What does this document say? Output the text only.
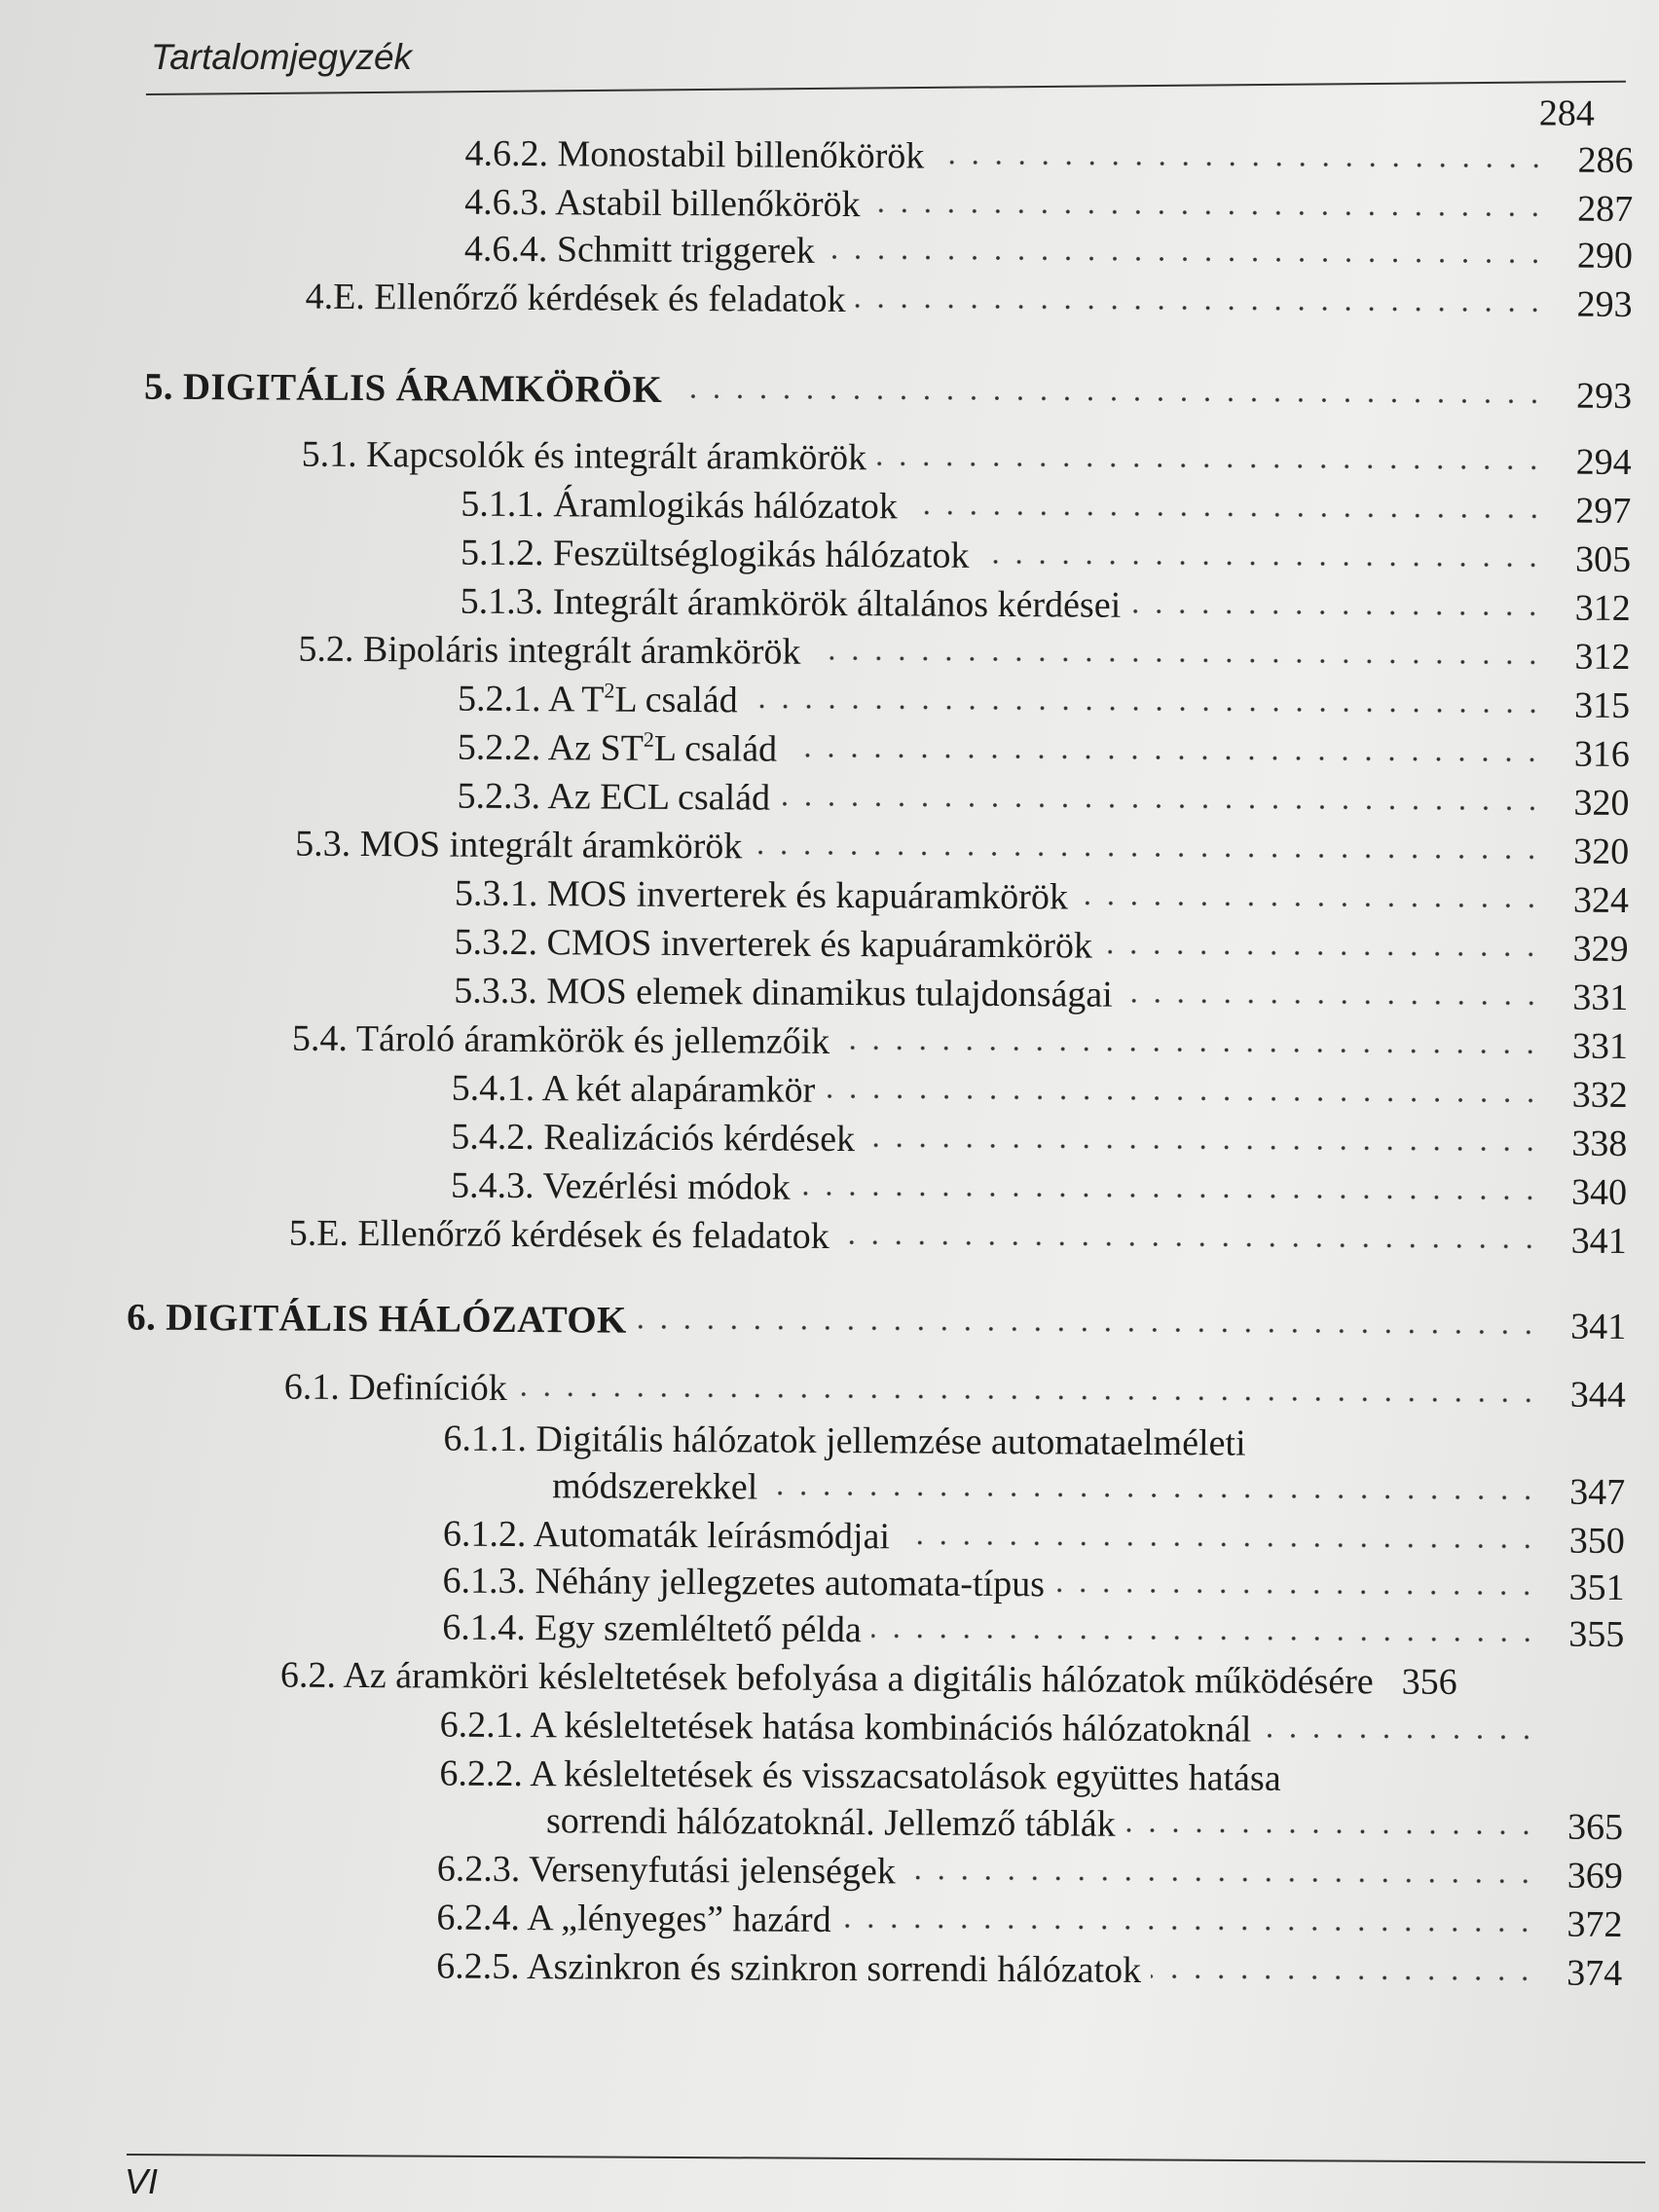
Tartalomjegyzék
284
4.6.2. Monostabil billenőkörök	286
4.6.3. Astabil billenőkörök	287
4.6.4. Schmitt triggerek	290
4.E. Ellenőrző kérdések és feladatok	293
5. DIGITÁLIS ÁRAMKÖRÖK	293
5.1. Kapcsolók és integrált áramkörök	294
5.1.1. Áramlogikás hálózatok	297
5.1.2. Feszültséglogikás hálózatok	305
5.1.3. Integrált áramkörök általános kérdései	312
5.2. Bipoláris integrált áramkörök	312
5.2.1. A $T^2L$ család	315
5.2.2. Az $ST^2L$ család	316
5.2.3. Az ECL család	320
5.3. MOS integrált áramkörök	320
5.3.1. MOS inverterek és kapuáramkörök	324
5.3.2. CMOS inverterek és kapuáramkörök	329
5.3.3. MOS elemek dinamikus tulajdonságai	331
5.4. Tároló áramkörök és jellemzőik	331
5.4.1. A két alapáramkör	332
5.4.2. Realizációs kérdések	338
5.4.3. Vezérlési módok	340
5.E. Ellenőrző kérdések és feladatok	341
6. DIGITÁLIS HÁLÓZATOK	341
6.1. Definíciók	344
6.1.1. Digitális hálózatok jellemzése automataelméleti
módszerekkel	347
6.1.2. Automaták leírásmódjai	350
6.1.3. Néhány jellegzetes automata-típus	351
6.1.4. Egy szemléltető példa	355
6.2. Az áramköri késleltetések befolyása a digitális hálózatok működésére 356
6.2.1. A késleltetések hatása kombinációs hálózatoknál
6.2.2. A késleltetések és visszacsatolások együttes hatása
sorrendi hálózatoknál. Jellemző táblák	365
6.2.3. Versenyfutási jelenségek	369
6.2.4. A „lényeges” hazárd	372
6.2.5. Aszinkron és szinkron sorrendi hálózatok	374
VI
